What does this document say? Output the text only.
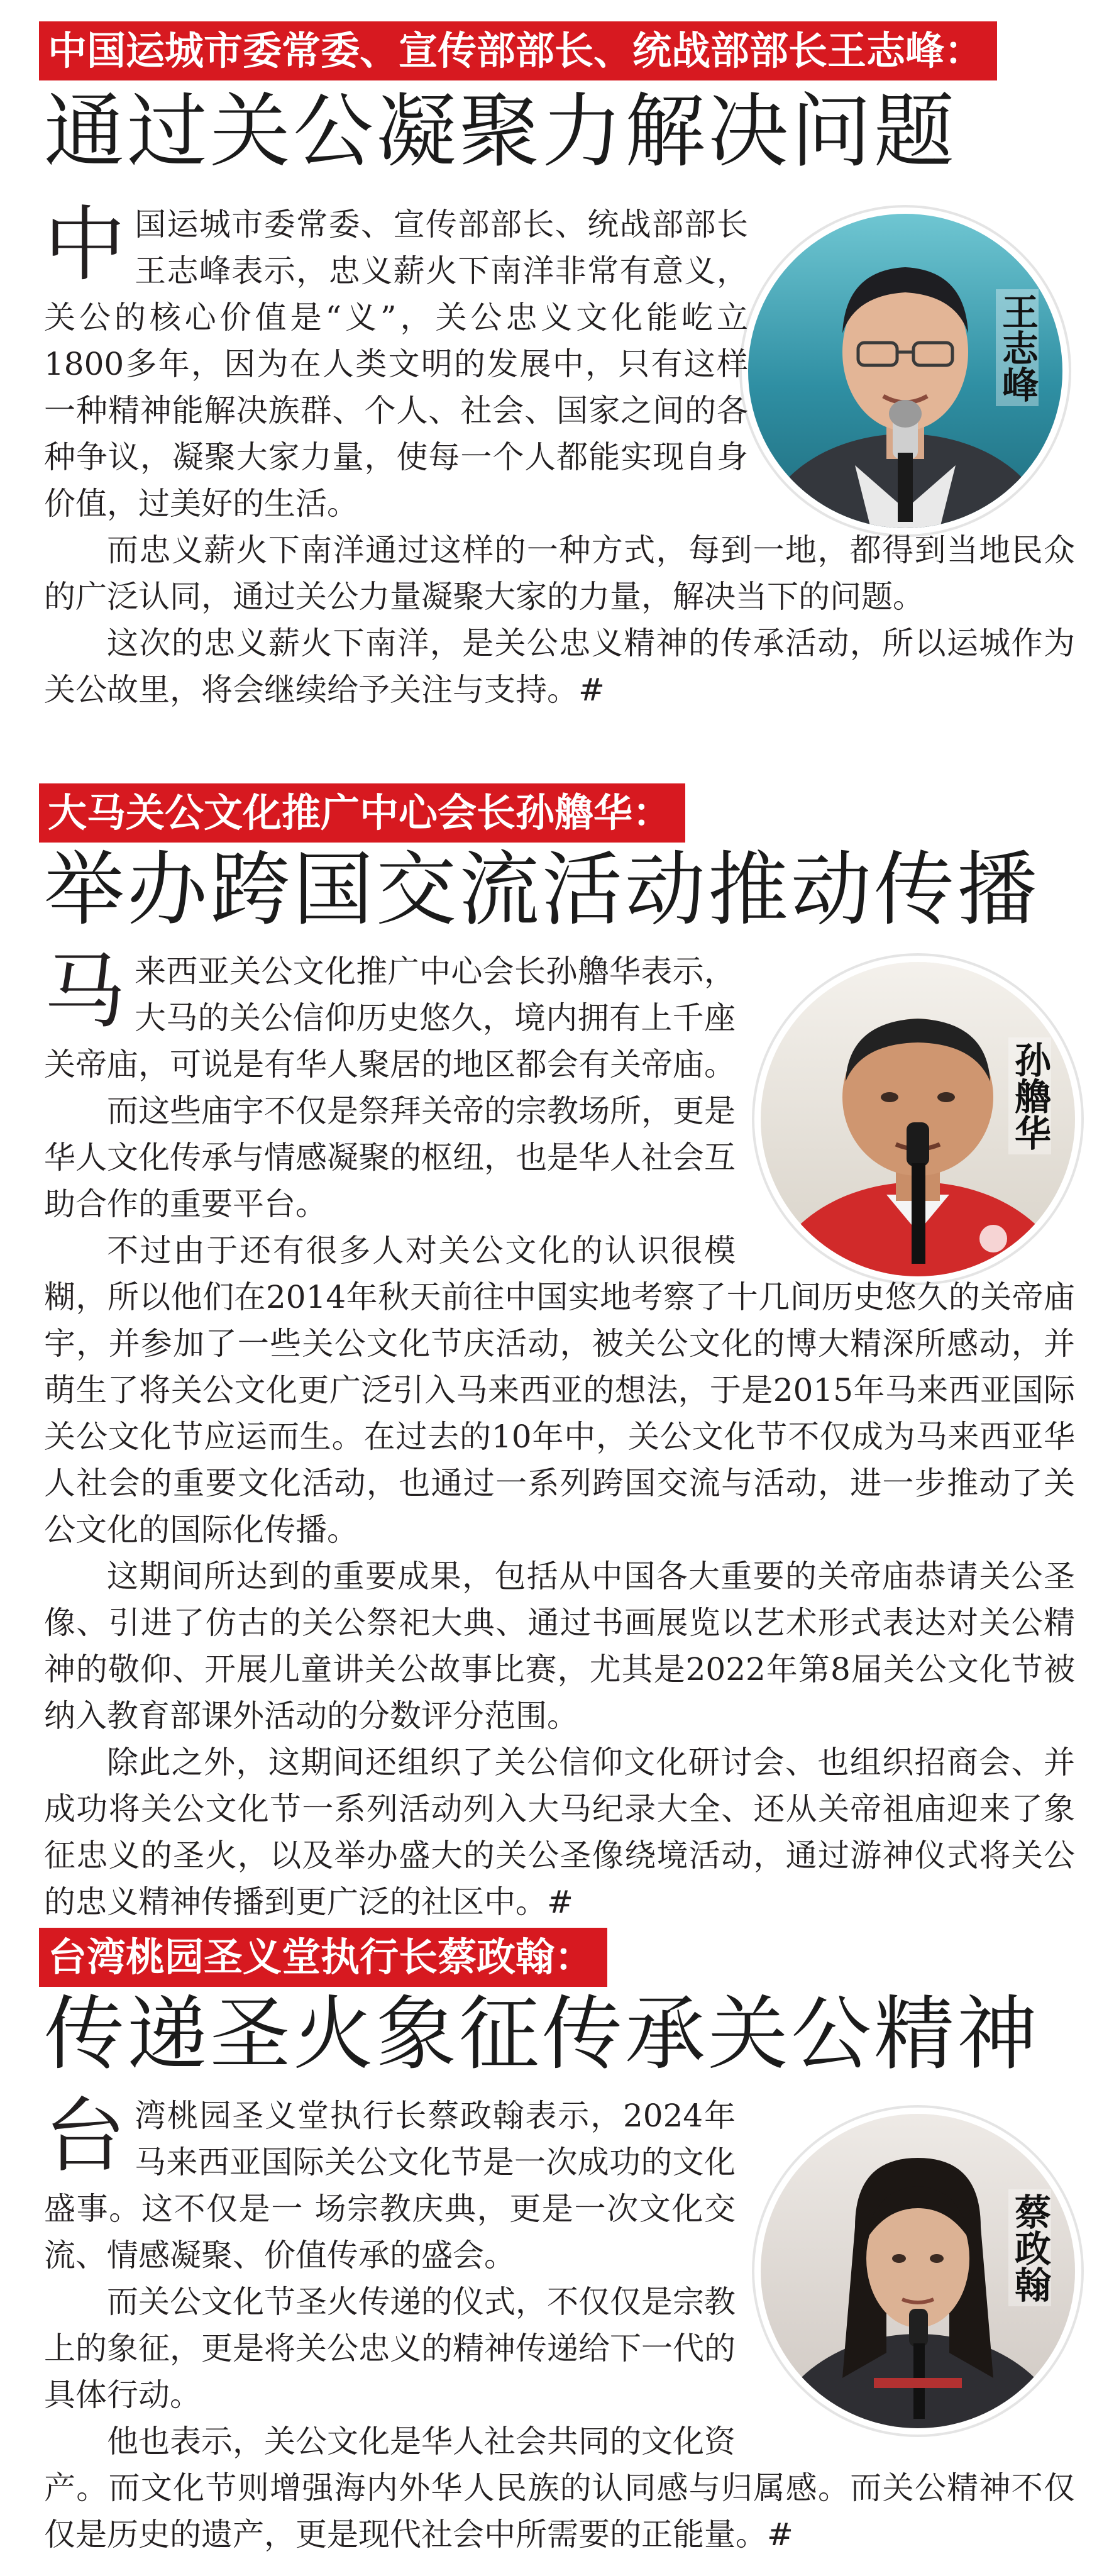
中国运城市委常委、宣传部部长、统战部部长王志峰：
通过关公凝聚力解决问题
王志峰

中国运城市委常委、宣传部部长、统战部部长王志峰表示，忠义薪火下南洋非常有意义，关公的核心价值是“义”，关公忠义文化能屹立1800多年，因为在人类文明的发展中，只有这样一种精神能解决族群、个人、社会、国家之间的各种争议，凝聚大家力量，使每一个人都能实现自身价值，过美好的生活。

而忠义薪火下南洋通过这样的一种方式，每到一地，都得到当地民众的广泛认同，通过关公力量凝聚大家的力量，解决当下的问题。

这次的忠义薪火下南洋，是关公忠义精神的传承活动，所以运城作为关公故里，将会继续给予关注与支持。#

大马关公文化推广中心会长孙艪华：
举办跨国交流活动推动传播
孙艪华

马来西亚关公文化推广中心会长孙艪华表示，大马的关公信仰历史悠久，境内拥有上千座关帝庙，可说是有华人聚居的地区都会有关帝庙。

而这些庙宇不仅是祭拜关帝的宗教场所，更是华人文化传承与情感凝聚的枢纽，也是华人社会互助合作的重要平台。

不过由于还有很多人对关公文化的认识很模糊，所以他们在2014年秋天前往中国实地考察了十几间历史悠久的关帝庙宇，并参加了一些关公文化节庆活动，被关公文化的博大精深所感动，并萌生了将关公文化更广泛引入马来西亚的想法，于是2015年马来西亚国际关公文化节应运而生。在过去的10年中，关公文化节不仅成为马来西亚华人社会的重要文化活动，也通过一系列跨国交流与活动，进一步推动了关公文化的国际化传播。

这期间所达到的重要成果，包括从中国各大重要的关帝庙恭请关公圣像、引进了仿古的关公祭祀大典、通过书画展览以艺术形式表达对关公精神的敬仰、开展儿童讲关公故事比赛，尤其是2022年第8届关公文化节被纳入教育部课外活动的分数评分范围。

除此之外，这期间还组织了关公信仰文化研讨会、也组织招商会、并成功将关公文化节一系列活动列入大马纪录大全、还从关帝祖庙迎来了象征忠义的圣火，以及举办盛大的关公圣像绕境活动，通过游神仪式将关公的忠义精神传播到更广泛的社区中。#

台湾桃园圣义堂执行长蔡政翰：
传递圣火象征传承关公精神
蔡政翰

台湾桃园圣义堂执行长蔡政翰表示，2024年马来西亚国际关公文化节是一次成功的文化盛事。这不仅是一 场宗教庆典，更是一次文化交流、情感凝聚、价值传承的盛会。

而关公文化节圣火传递的仪式，不仅仅是宗教上的象征，更是将关公忠义的精神传递给下一代的具体行动。

他也表示，关公文化是华人社会共同的文化资产。而文化节则增强海内外华人民族的认同感与归属感。而关公精神不仅仅是历史的遗产，更是现代社会中所需要的正能量。#
